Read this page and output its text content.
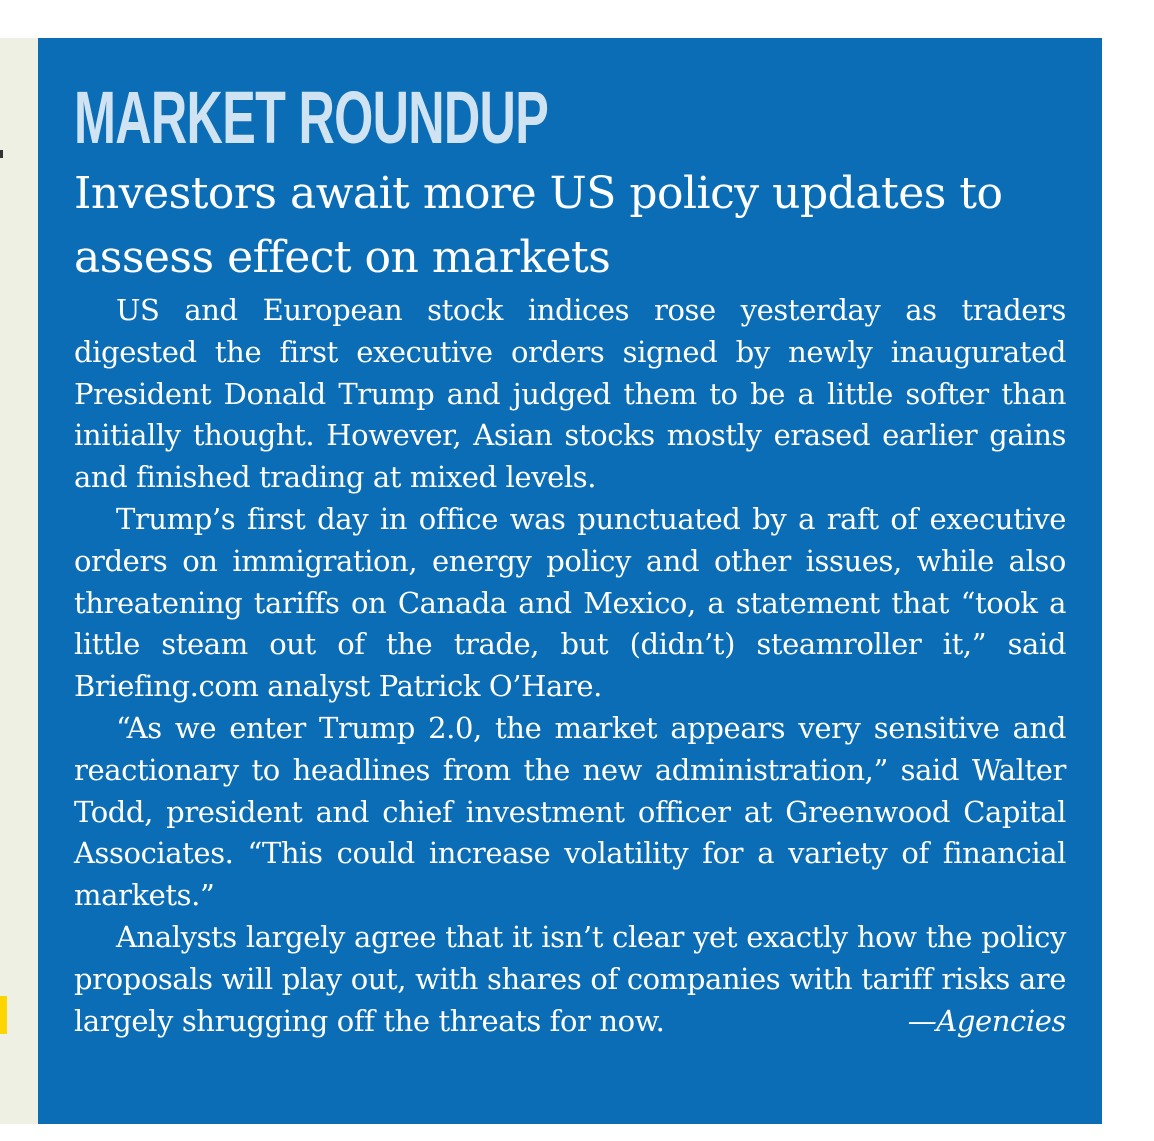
MARKET ROUNDUP
Investors await more US policy updates to assess effect on markets

US and European stock indices rose yesterday as traders digested the first executive orders signed by newly inaugurated President Donald Trump and judged them to be a little softer than initially thought. However, Asian stocks mostly erased earlier gains and finished trading at mixed levels.

Trump’s first day in office was punctuated by a raft of executive orders on immigration, energy policy and other issues, while also threatening tariffs on Canada and Mexico, a statement that “took a little steam out of the trade, but (didn’t) steamroller it,” said Briefing.com analyst Patrick O’Hare.

“As we enter Trump 2.0, the market appears very sensitive and reactionary to headlines from the new administration,” said Walter Todd, president and chief investment officer at Greenwood Capital Associates. “This could increase volatility for a variety of financial markets.”

Analysts largely agree that it isn’t clear yet exactly how the policy proposals will play out, with shares of companies with tariff risks are largely shrugging off the threats for now.	—Agencies
